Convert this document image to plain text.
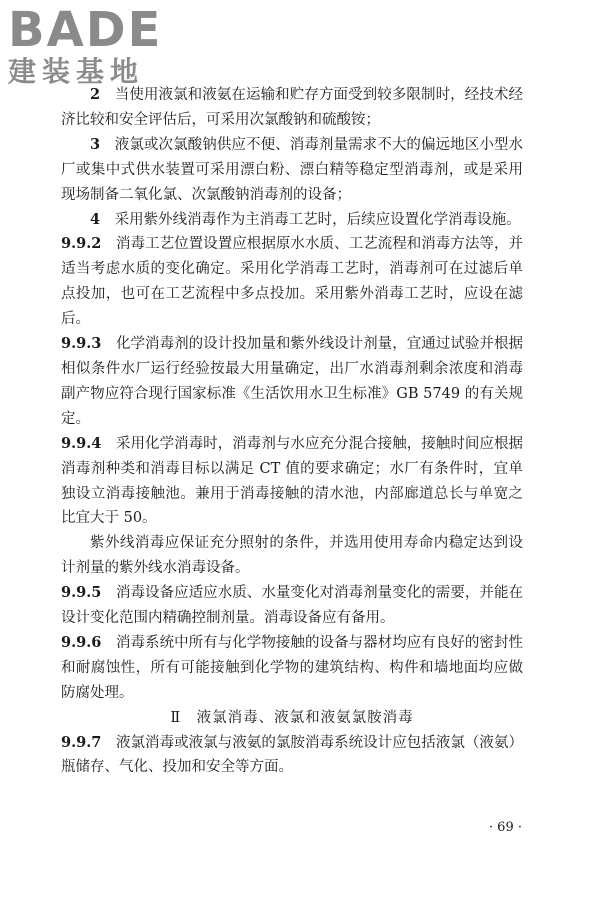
BADE
建装基地

2　 当使用液氯和液氨在运输和贮存方面受到较多限制时，经技术经济比较和安全评估后，可采用次氯酸钠和硫酸铵；

3　 液氯或次氯酸钠供应不便、消毒剂量需求不大的偏远地区小型水厂或集中式供水装置可采用漂白粉、漂白精等稳定型消毒剂，或是采用现场制备二氧化氯、次氯酸钠消毒剂的设备；

4　 采用紫外线消毒作为主消毒工艺时，后续应设置化学消毒设施。

9.9.2　 消毒工艺位置设置应根据原水水质、工艺流程和消毒方法等，并适当考虑水质的变化确定。采用化学消毒工艺时，消毒剂可在过滤后单点投加，也可在工艺流程中多点投加。采用紫外消毒工艺时，应设在滤后。

9.9.3　 化学消毒剂的设计投加量和紫外线设计剂量，宜通过试验并根据相似条件水厂运行经验按最大用量确定，出厂水消毒剂剩余浓度和消毒副产物应符合现行国家标准《生活饮用水卫生标准》GB 5749 的有关规定。

9.9.4　 采用化学消毒时，消毒剂与水应充分混合接触，接触时间应根据消毒剂种类和消毒目标以满足 CT 值的要求确定；水厂有条件时，宜单独设立消毒接触池。兼用于消毒接触的清水池，内部廊道总长与单宽之比宜大于 50。

紫外线消毒应保证充分照射的条件，并选用使用寿命内稳定达到设计剂量的紫外线水消毒设备。

9.9.5　 消毒设备应适应水质、水量变化对消毒剂量变化的需要，并能在设计变化范围内精确控制剂量。消毒设备应有备用。

9.9.6　 消毒系统中所有与化学物接触的设备与器材均应有良好的密封性和耐腐蚀性，所有可能接触到化学物的建筑结构、构件和墙地面均应做防腐处理。

Ⅱ　液氯消毒、液氯和液氨氯胺消毒

9.9.7　 液氯消毒或液氯与液氨的氯胺消毒系统设计应包括液氯（液氨）瓶储存、气化、投加和安全等方面。

· 69 ·
